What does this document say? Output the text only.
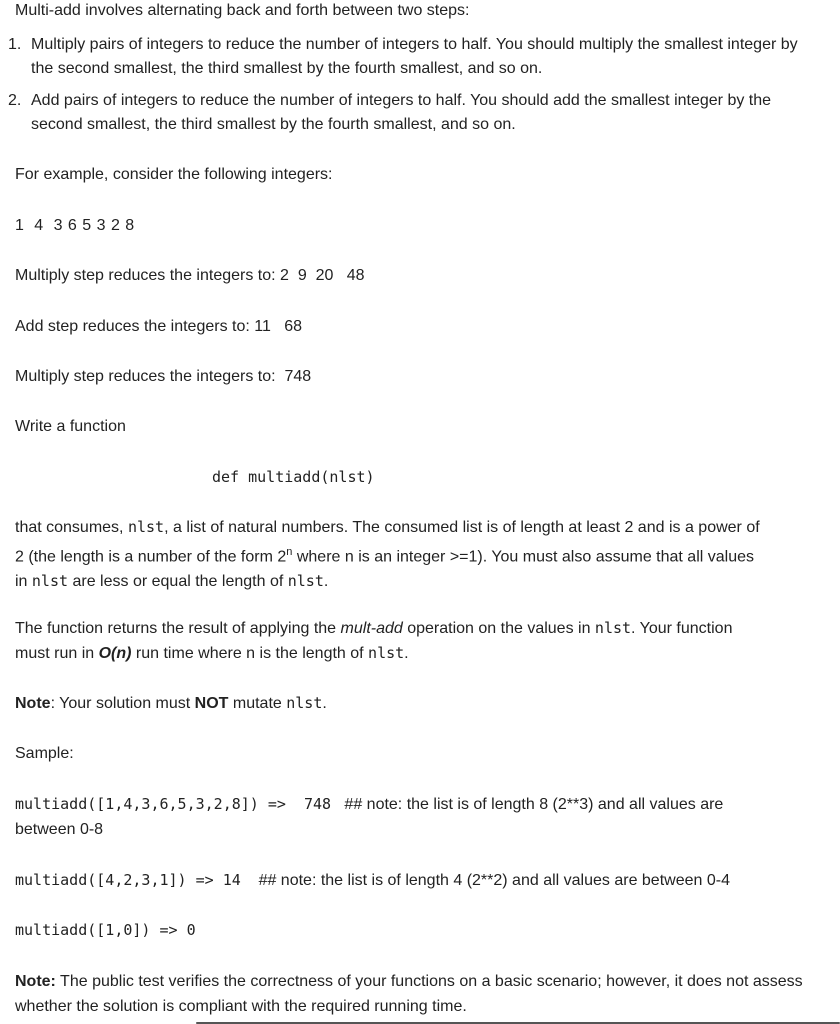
Multi-add involves alternating back and forth between two steps:

1. Multiply pairs of integers to reduce the number of integers to half. You should multiply the smallest integer by the second smallest, the third smallest by the fourth smallest, and so on.
2. Add pairs of integers to reduce the number of integers to half. You should add the smallest integer by the second smallest, the third smallest by the fourth smallest, and so on.

For example, consider the following integers:

1  4  3 6 5 3 2 8

Multiply step reduces the integers to: 2  9  20   48

Add step reduces the integers to: 11   68

Multiply step reduces the integers to:  748

Write a function

def multiadd(nlst)

that consumes, nlst, a list of natural numbers. The consumed list is of length at least 2 and is a power of
2 (the length is a number of the form 2$^n$ where n is an integer >=1). You must also assume that all values
in nlst are less or equal the length of nlst.

The function returns the result of applying the mult-add operation on the values in nlst. Your function
must run in O(n) run time where n is the length of nlst.

Note: Your solution must NOT mutate nlst.

Sample:

multiadd([1,4,3,6,5,3,2,8]) =>  748 ## note: the list is of length 8 (2**3) and all values are
between 0-8

multiadd([4,2,3,1]) => 14 ## note: the list is of length 4 (2**2) and all values are between 0-4

multiadd([1,0]) => 0

Note: The public test verifies the correctness of your functions on a basic scenario; however, it does not assess whether the solution is compliant with the required running time.
